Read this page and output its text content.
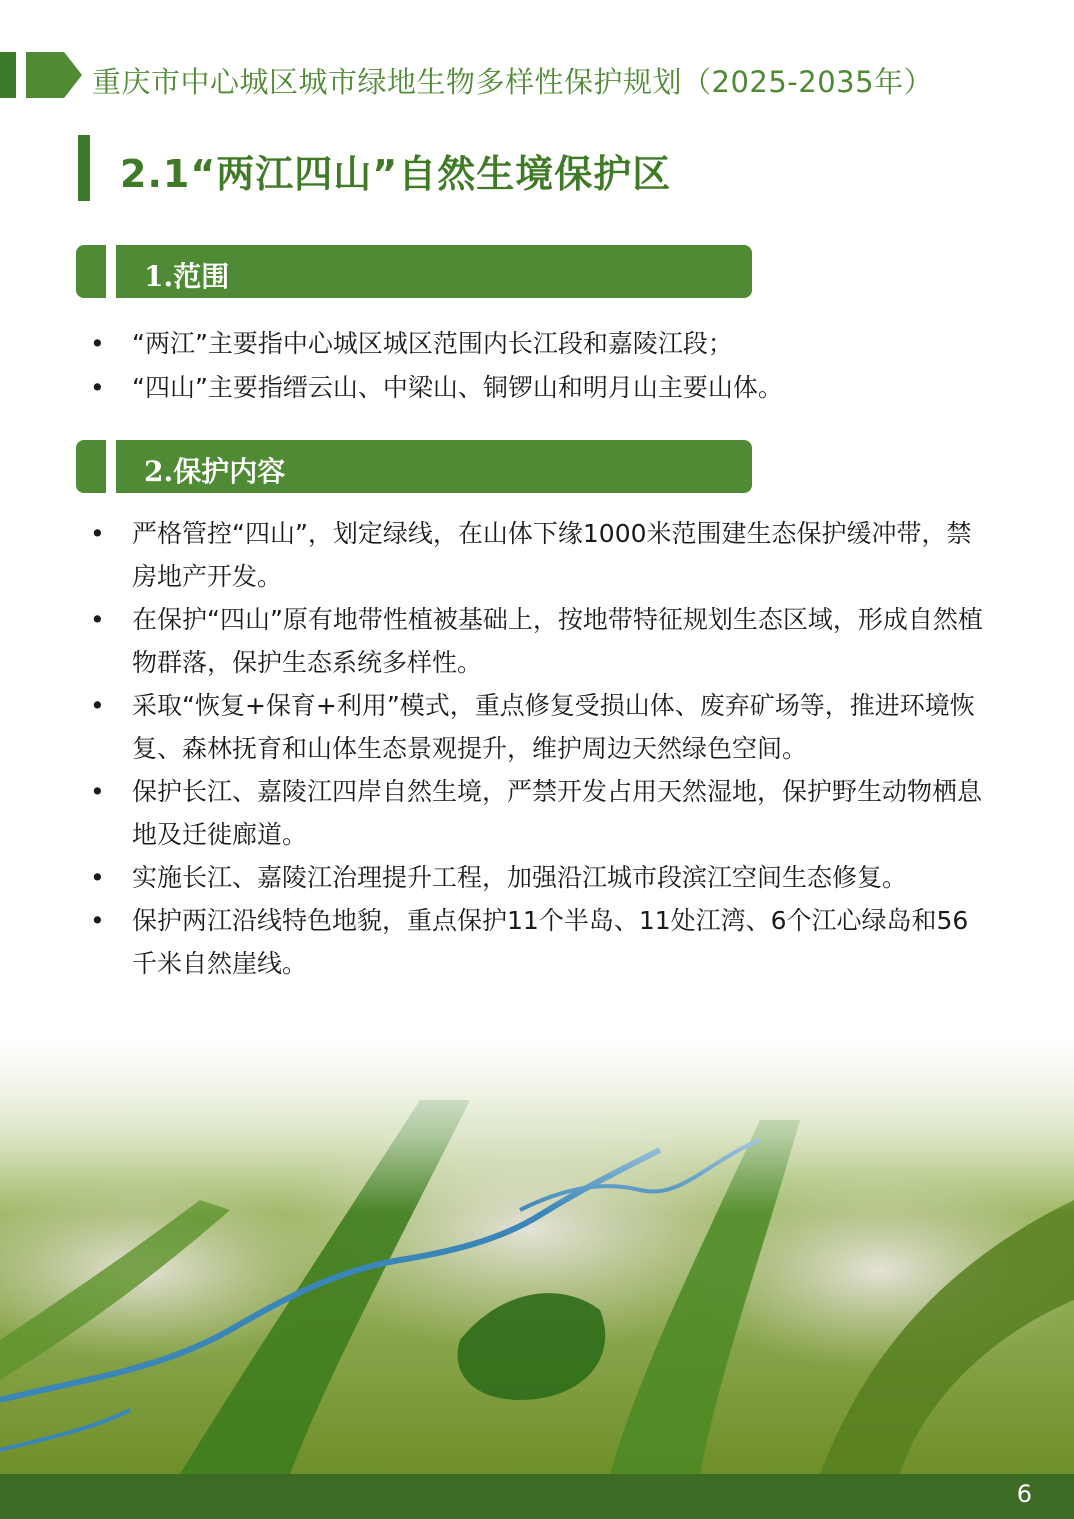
重庆市中心城区城市绿地生物多样性保护规划（2025-2035年）
2.1“两江四山”自然生境保护区
1.范围
• “两江”主要指中心城区城区范围内长江段和嘉陵江段；
• “四山”主要指缙云山、中梁山、铜锣山和明月山主要山体。
2.保护内容
• 严格管控“四山”，划定绿线，在山体下缘1000米范围建生态保护缓冲带，禁房地产开发。
• 在保护“四山”原有地带性植被基础上，按地带特征规划生态区域，形成自然植物群落，保护生态系统多样性。
• 采取“恢复+保育+利用”模式，重点修复受损山体、废弃矿场等，推进环境恢复、森林抚育和山体生态景观提升，维护周边天然绿色空间。
• 保护长江、嘉陵江四岸自然生境，严禁开发占用天然湿地，保护野生动物栖息地及迁徙廊道。
• 实施长江、嘉陵江治理提升工程，加强沿江城市段滨江空间生态修复。
• 保护两江沿线特色地貌，重点保护11个半岛、11处江湾、6个江心绿岛和56千米自然崖线。
6
